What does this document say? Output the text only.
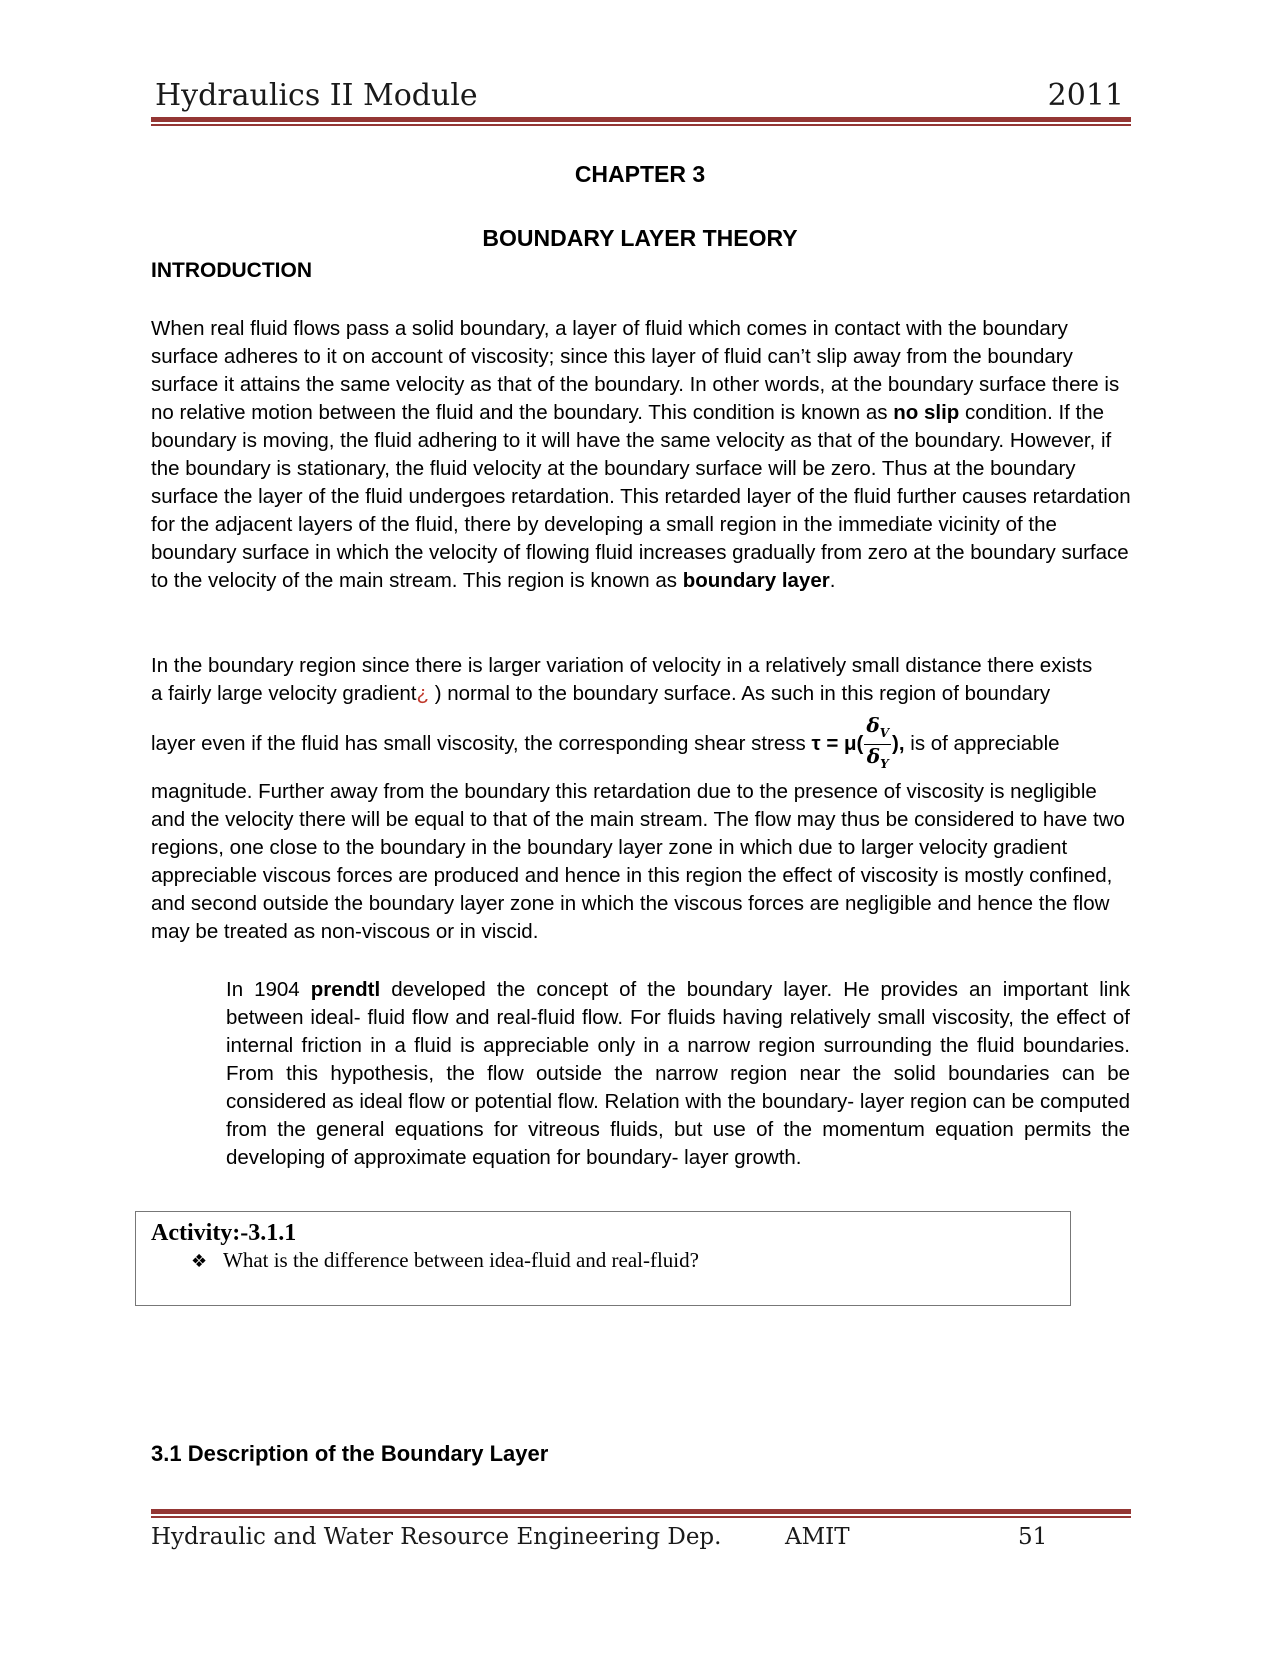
Hydraulics II Module	2011
CHAPTER 3
BOUNDARY LAYER THEORY
INTRODUCTION

When real fluid flows pass a solid boundary, a layer of fluid which comes in contact with the boundary surface adheres to it on account of viscosity; since this layer of fluid can’t slip away from the boundary surface it attains the same velocity as that of the boundary. In other words, at the boundary surface there is no relative motion between the fluid and the boundary. This condition is known as no slip condition. If the boundary is moving, the fluid adhering to it will have the same velocity as that of the boundary. However, if the boundary is stationary, the fluid velocity at the boundary surface will be zero. Thus at the boundary surface the layer of the fluid undergoes retardation. This retarded layer of the fluid further causes retardation for the adjacent layers of the fluid, there by developing a small region in the immediate vicinity of the boundary surface in which the velocity of flowing fluid increases gradually from zero at the boundary surface to the velocity of the main stream. This region is known as boundary layer.

In the boundary region since there is larger variation of velocity in a relatively small distance there exists
a fairly large velocity gradient¿ ) normal to the boundary surface. As such in this region of boundary
layer even if the fluid has small viscosity, the corresponding shear stress $\tau = \mu( \frac{\delta_V}{\delta_Y}$ ), is of appreciable

magnitude. Further away from the boundary this retardation due to the presence of viscosity is negligible and the velocity there will be equal to that of the main stream. The flow may thus be considered to have two regions, one close to the boundary in the boundary layer zone in which due to larger velocity gradient appreciable viscous forces are produced and hence in this region the effect of viscosity is mostly confined, and second outside the boundary layer zone in which the viscous forces are negligible and hence the flow may be treated as non-viscous or in viscid.

In 1904 prendtl developed the concept of the boundary layer. He provides an important link between ideal- fluid flow and real-fluid flow. For fluids having relatively small viscosity, the effect of internal friction in a fluid is appreciable only in a narrow region surrounding the fluid boundaries. From this hypothesis, the flow outside the narrow region near the solid boundaries can be considered as ideal flow or potential flow. Relation with the boundary- layer region can be computed from the general equations for vitreous fluids, but use of the momentum equation permits the developing of approximate equation for boundary- layer growth.

Activity:-3.1.1
❖ What is the difference between idea-fluid and real-fluid?
3.1 Description of the Boundary Layer
Hydraulic and Water Resource Engineering Dep.	AMIT	51
